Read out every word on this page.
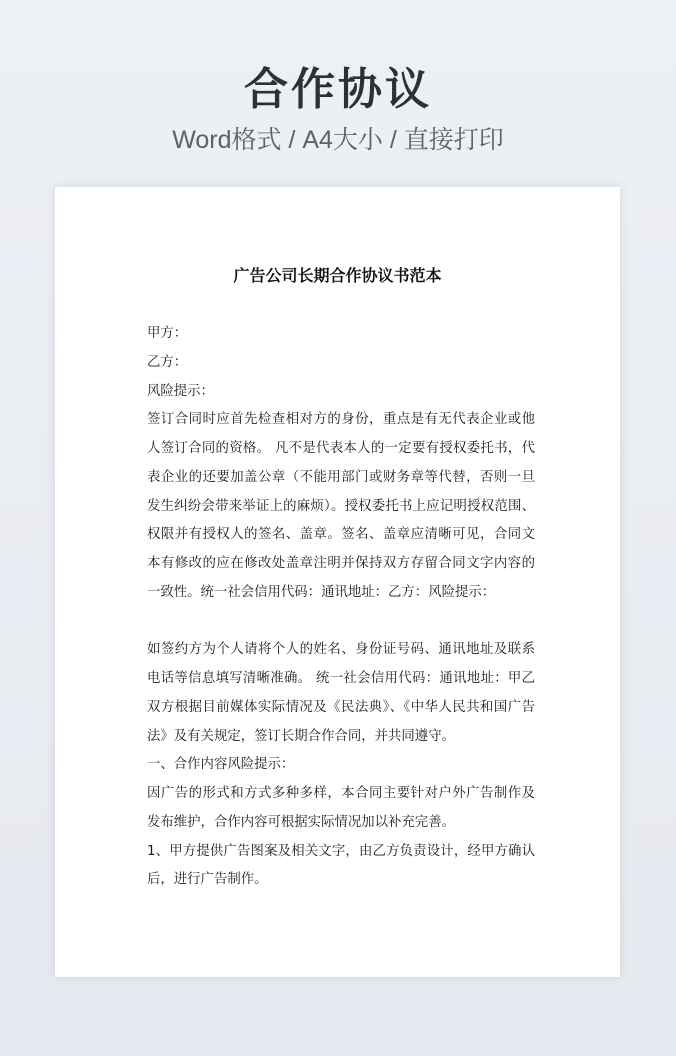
合作协议
Word格式 / A4大小 / 直接打印
广告公司长期合作协议书范本

甲方：

乙方：

风险提示：

签订合同时应首先检查相对方的身份，重点是有无代表企业或他人签订合同的资格。 凡不是代表本人的一定要有授权委托书，代表企业的还要加盖公章（不能用部门或财务章等代替，否则一旦发生纠纷会带来举证上的麻烦）。授权委托书上应记明授权范围、权限并有授权人的签名、盖章。签名、盖章应清晰可见，合同文本有修改的应在修改处盖章注明并保持双方存留合同文字内容的一致性。统一社会信用代码：通讯地址：乙方：风险提示：

如签约方为个人请将个人的姓名、身份证号码、通讯地址及联系电话等信息填写清晰准确。 统一社会信用代码：通讯地址：甲乙双方根据目前媒体实际情况及《民法典》、《中华人民共和国广告法》及有关规定，签订长期合作合同，并共同遵守。

一、合作内容风险提示：

因广告的形式和方式多种多样，本合同主要针对户外广告制作及发布维护，合作内容可根据实际情况加以补充完善。

1、甲方提供广告图案及相关文字，由乙方负责设计，经甲方确认后，进行广告制作。
